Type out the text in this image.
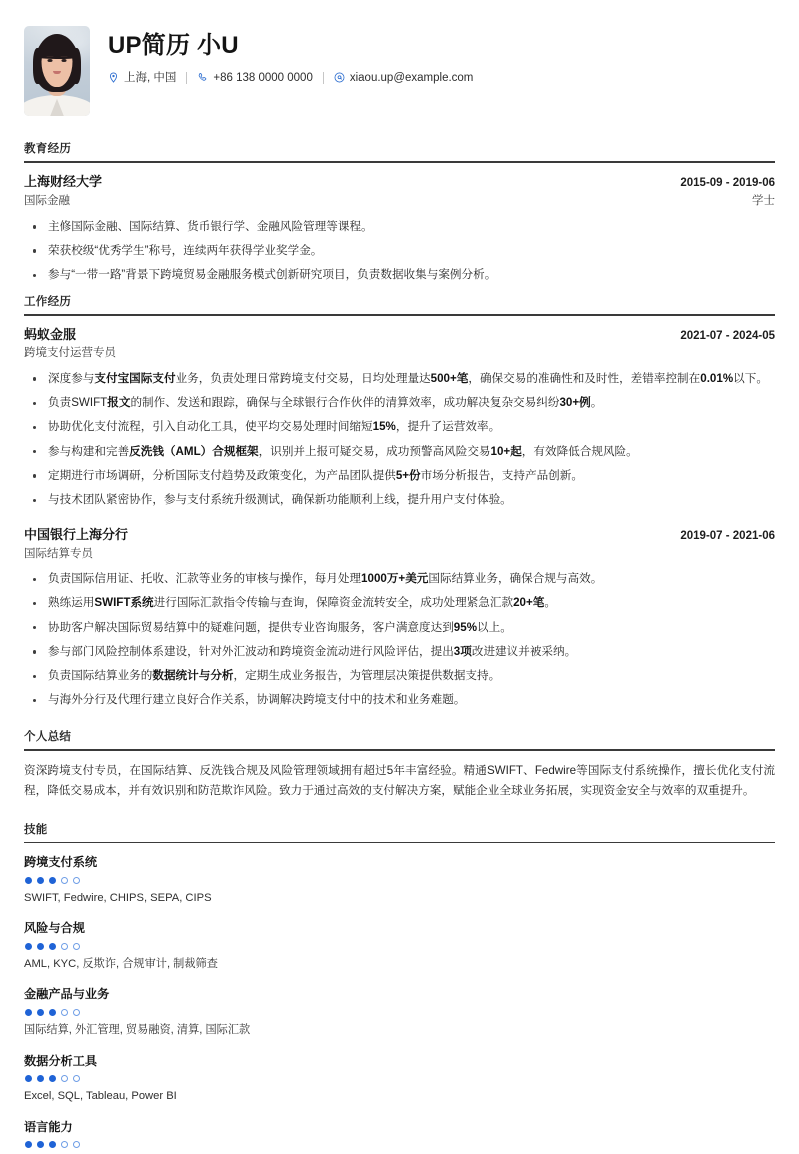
UP简历 小U
上海, 中国	+86 138 0000 0000	xiaou.up@example.com
教育经历
上海财经大学	2015-09 - 2019-06
国际金融	学士
主修国际金融、国际结算、货币银行学、金融风险管理等课程。
荣获校级“优秀学生”称号，连续两年获得学业奖学金。
参与“一带一路”背景下跨境贸易金融服务模式创新研究项目，负责数据收集与案例分析。
工作经历
蚂蚁金服	2021-07 - 2024-05
跨境支付运营专员
深度参与支付宝国际支付业务，负责处理日常跨境支付交易，日均处理量达500+笔，确保交易的准确性和及时性，差错率控制在0.01%以下。
负责SWIFT报文的制作、发送和跟踪，确保与全球银行合作伙伴的清算效率，成功解决复杂交易纠纷30+例。
协助优化支付流程，引入自动化工具，使平均交易处理时间缩短15%，提升了运营效率。
参与构建和完善反洗钱（AML）合规框架，识别并上报可疑交易，成功预警高风险交易10+起，有效降低合规风险。
定期进行市场调研，分析国际支付趋势及政策变化，为产品团队提供5+份市场分析报告，支持产品创新。
与技术团队紧密协作，参与支付系统升级测试，确保新功能顺利上线，提升用户支付体验。
中国银行上海分行	2019-07 - 2021-06
国际结算专员
负责国际信用证、托收、汇款等业务的审核与操作，每月处理1000万+美元国际结算业务，确保合规与高效。
熟练运用SWIFT系统进行国际汇款指令传输与查询，保障资金流转安全，成功处理紧急汇款20+笔。
协助客户解决国际贸易结算中的疑难问题，提供专业咨询服务，客户满意度达到95%以上。
参与部门风险控制体系建设，针对外汇波动和跨境资金流动进行风险评估，提出3项改进建议并被采纳。
负责国际结算业务的数据统计与分析，定期生成业务报告，为管理层决策提供数据支持。
与海外分行及代理行建立良好合作关系，协调解决跨境支付中的技术和业务难题。
个人总结
资深跨境支付专员，在国际结算、反洗钱合规及风险管理领域拥有超过5年丰富经验。精通SWIFT、Fedwire等国际支付系统操作，擅长优化支付流程，降低交易成本，并有效识别和防范欺诈风险。致力于通过高效的支付解决方案，赋能企业全球业务拓展，实现资金安全与效率的双重提升。
技能
跨境支付系统
SWIFT, Fedwire, CHIPS, SEPA, CIPS
风险与合规
AML, KYC, 反欺诈, 合规审计, 制裁筛查
金融产品与业务
国际结算, 外汇管理, 贸易融资, 清算, 国际汇款
数据分析工具
Excel, SQL, Tableau, Power BI
语言能力
